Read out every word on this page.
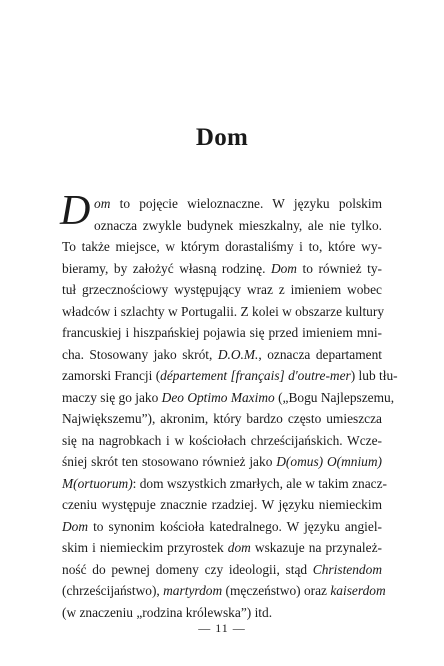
Dom
D om to pojęcie wieloznaczne. W języku polskim
oznacza zwykle budynek mieszkalny, ale nie tylko.
To także miejsce, w którym dorastaliśmy i to, które wy-
bieramy, by założyć własną rodzinę. Dom to również ty-
tuł grzecznościowy występujący wraz z imieniem wobec
władców i szlachty w Portugalii. Z kolei w obszarze kultury
francuskiej i hiszpańskiej pojawia się przed imieniem mni-
cha. Stosowany jako skrót, D.O.M., oznacza departament
zamorski Francji (département [français] d'outre-mer) lub tłu-
maczy się go jako Deo Optimo Maximo („Bogu Najlepszemu,
Największemu”), akronim, który bardzo często umieszcza
się na nagrobkach i w kościołach chrześcijańskich. Wcze-
śniej skrót ten stosowano również jako D(omus) O(mnium)
M(ortuorum): dom wszystkich zmarłych, ale w takim znacz-
czeniu występuje znacznie rzadziej. W języku niemieckim
Dom to synonim kościoła katedralnego. W języku angiel-
skim i niemieckim przyrostek dom wskazuje na przynależ-
ność do pewnej domeny czy ideologii, stąd Christendom
(chrześcijaństwo), martyrdom (męczeństwo) oraz kaiserdom
(w znaczeniu „rodzina królewska”) itd.
— 11 —
